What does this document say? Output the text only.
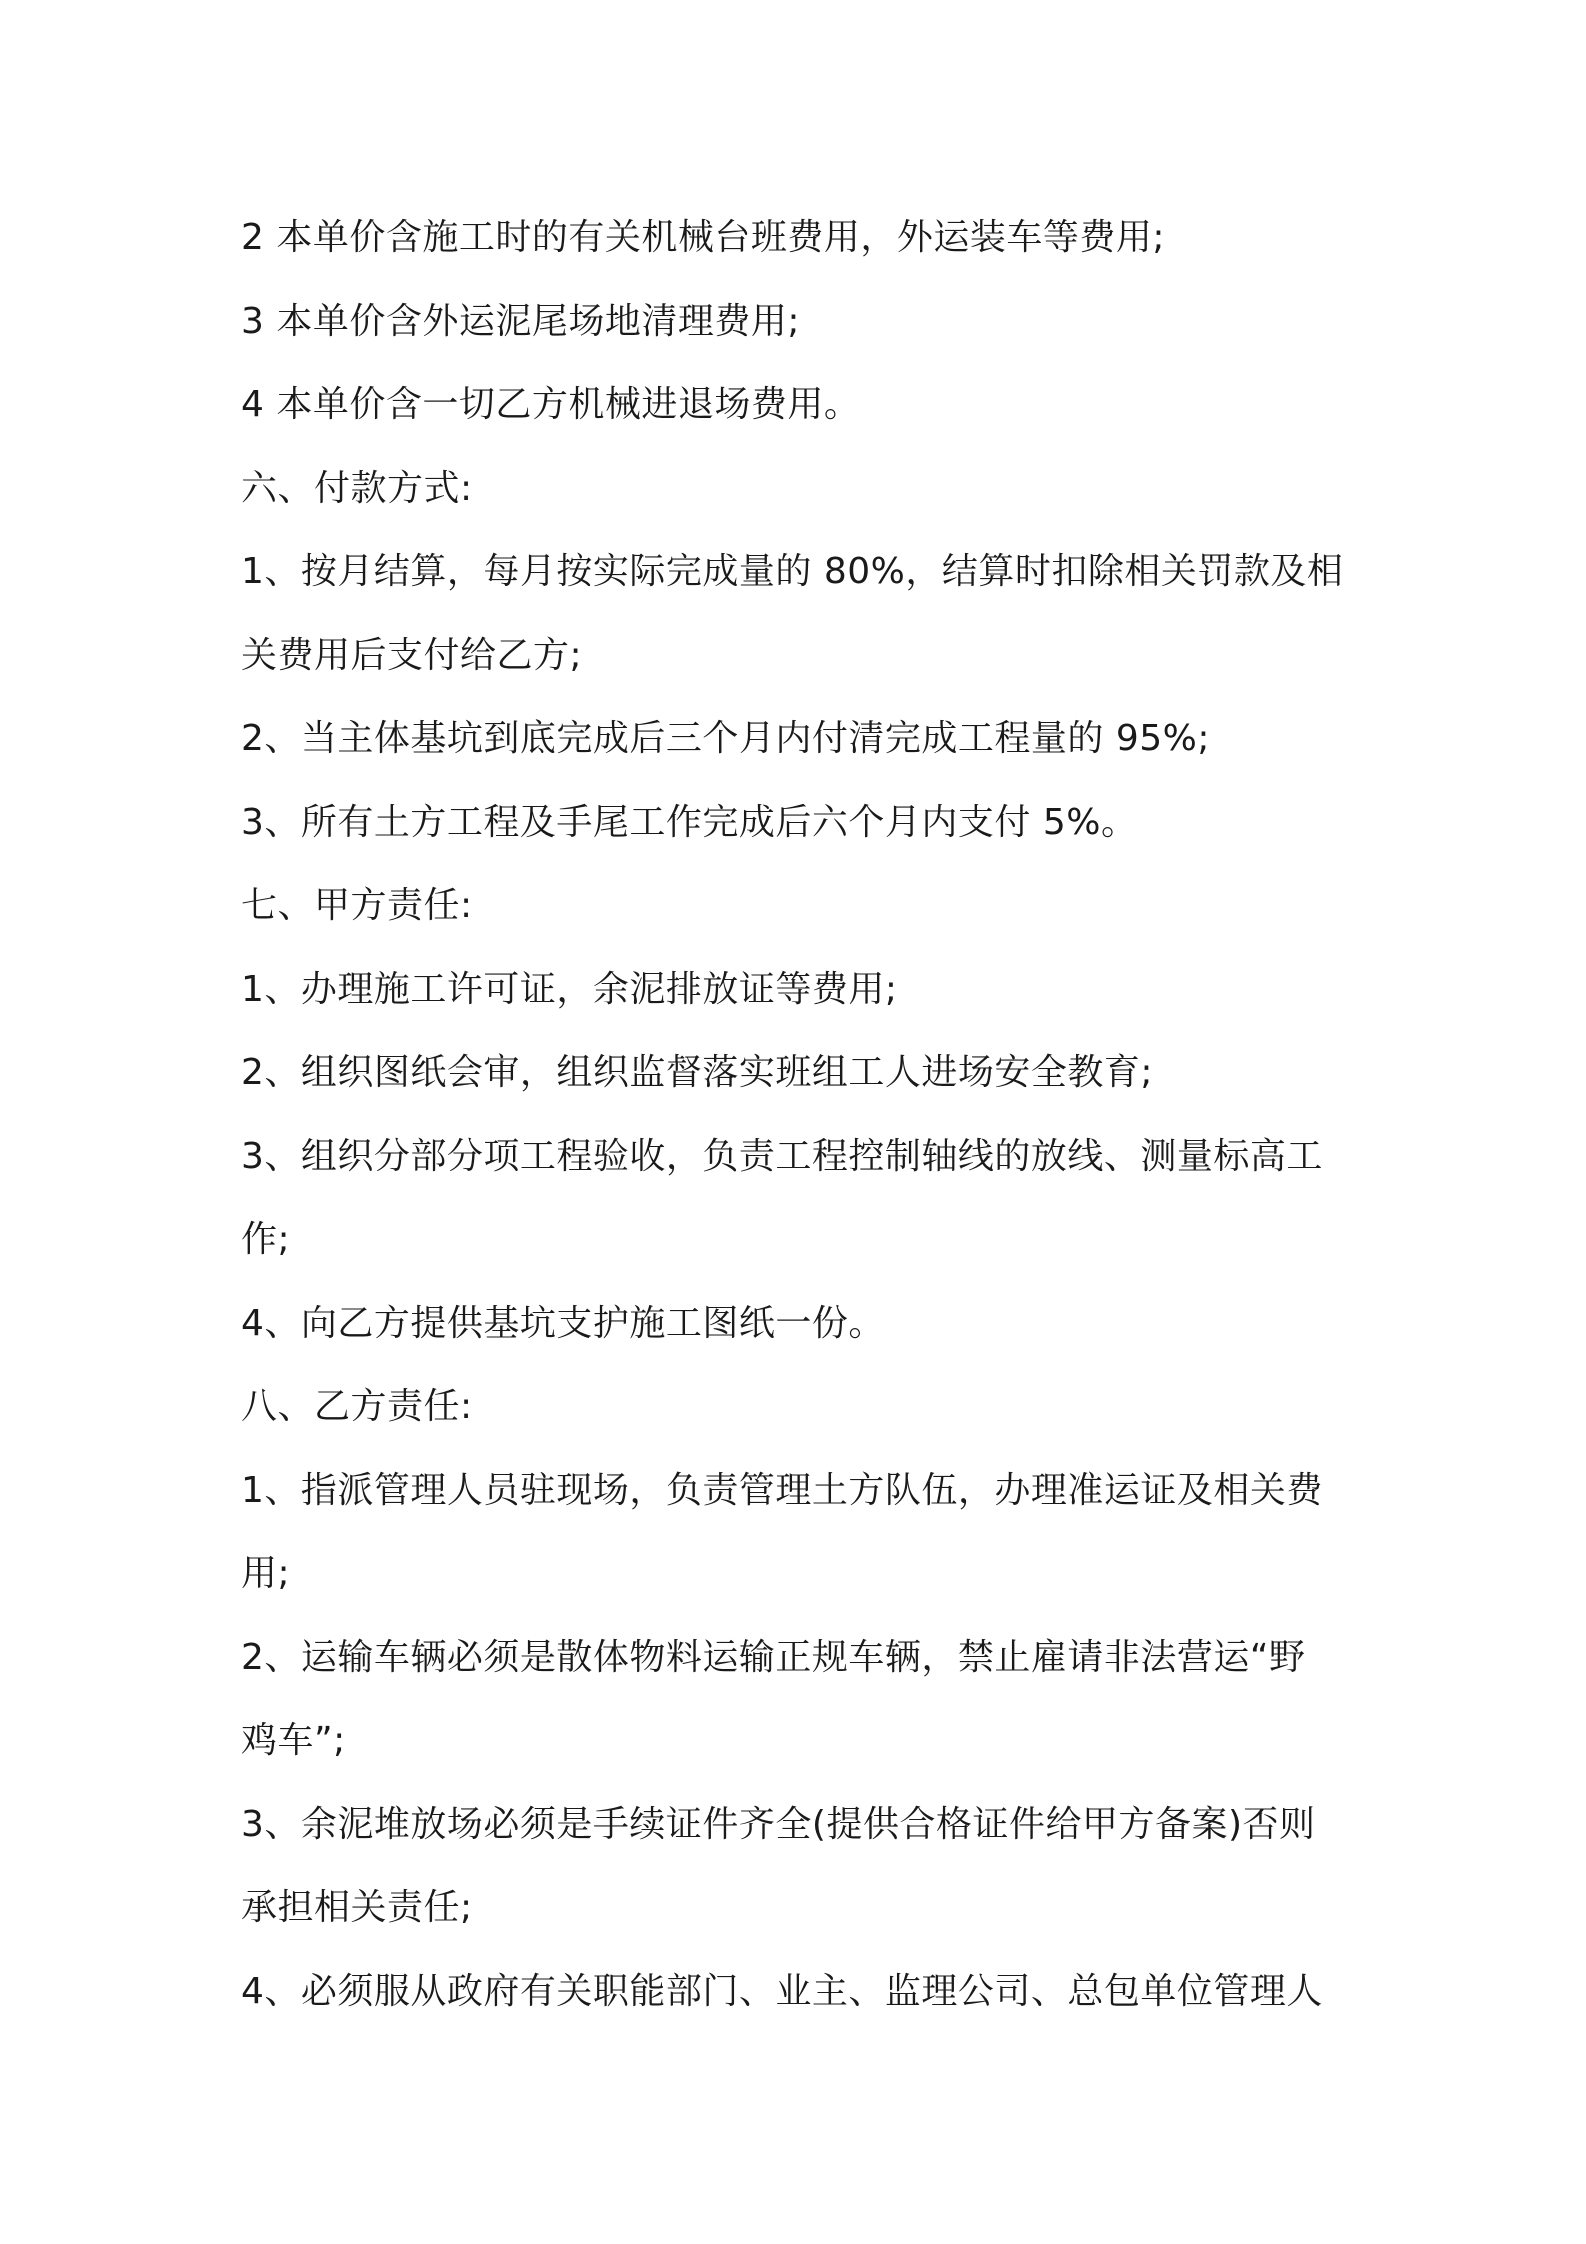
2 本单价含施工时的有关机械台班费用，外运装车等费用;

3 本单价含外运泥尾场地清理费用;

4 本单价含一切乙方机械进退场费用。

六、付款方式:

1、按月结算，每月按实际完成量的 80%，结算时扣除相关罚款及相

关费用后支付给乙方;

2、当主体基坑到底完成后三个月内付清完成工程量的 95%;

3、所有土方工程及手尾工作完成后六个月内支付 5%。

七、甲方责任:

1、办理施工许可证，余泥排放证等费用;

2、组织图纸会审，组织监督落实班组工人进场安全教育;

3、组织分部分项工程验收，负责工程控制轴线的放线、测量标高工

作;

4、向乙方提供基坑支护施工图纸一份。

八、乙方责任:

1、指派管理人员驻现场，负责管理土方队伍，办理准运证及相关费

用;

2、运输车辆必须是散体物料运输正规车辆，禁止雇请非法营运“野

鸡车”;

3、余泥堆放场必须是手续证件齐全(提供合格证件给甲方备案)否则

承担相关责任;

4、必须服从政府有关职能部门、业主、监理公司、总包单位管理人
